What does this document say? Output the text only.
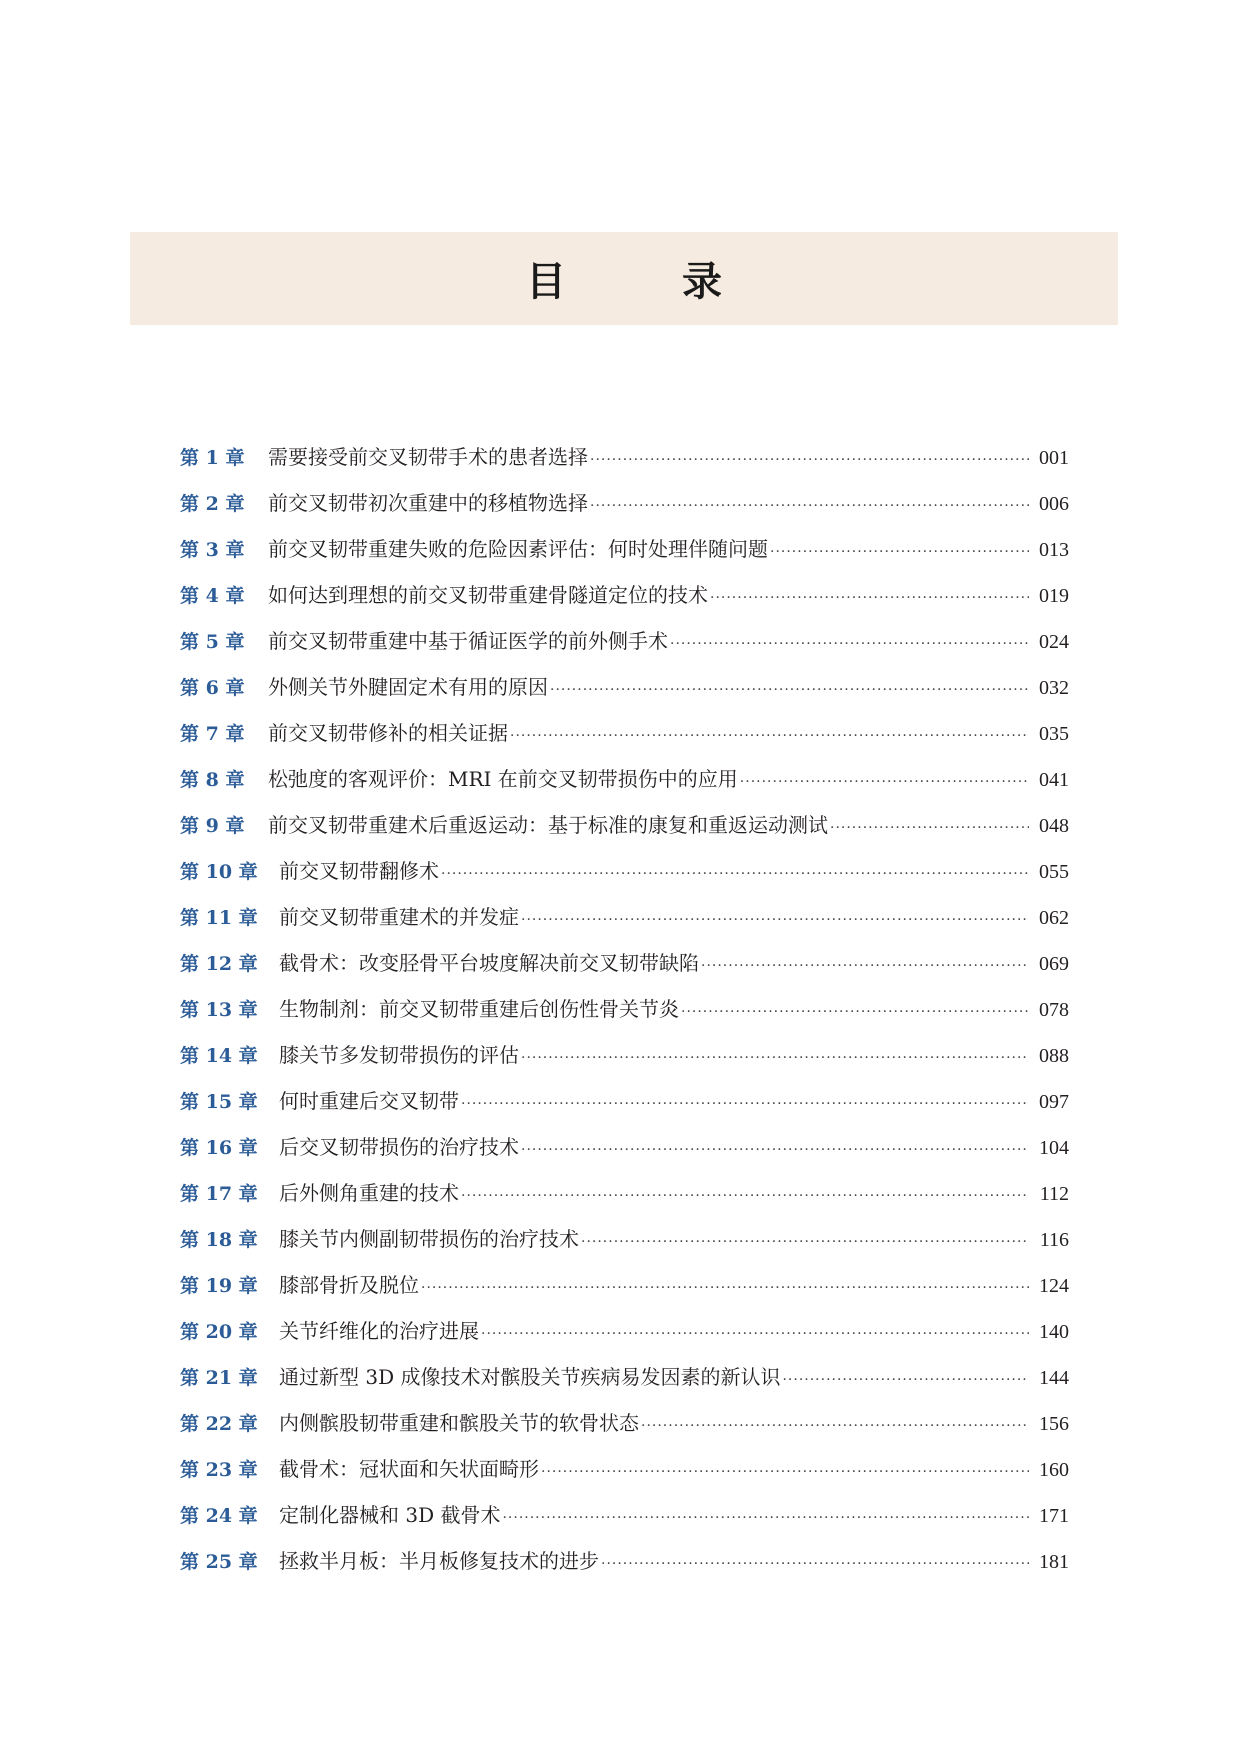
目　录
第 1 章	需要接受前交叉韧带手术的患者选择 ·····	001
第 2 章	前交叉韧带初次重建中的移植物选择 ·····	006
第 3 章	前交叉韧带重建失败的危险因素评估：何时处理伴随问题 ·····	013
第 4 章	如何达到理想的前交叉韧带重建骨隧道定位的技术 ·····	019
第 5 章	前交叉韧带重建中基于循证医学的前外侧手术 ·····	024
第 6 章	外侧关节外腱固定术有用的原因 ·····	032
第 7 章	前交叉韧带修补的相关证据 ·····	035
第 8 章	松弛度的客观评价：MRI 在前交叉韧带损伤中的应用 ·····	041
第 9 章	前交叉韧带重建术后重返运动：基于标准的康复和重返运动测试 ·····	048
第 10 章	前交叉韧带翻修术 ·····	055
第 11 章	前交叉韧带重建术的并发症 ·····	062
第 12 章	截骨术：改变胫骨平台坡度解决前交叉韧带缺陷 ·····	069
第 13 章	生物制剂：前交叉韧带重建后创伤性骨关节炎 ·····	078
第 14 章	膝关节多发韧带损伤的评估 ·····	088
第 15 章	何时重建后交叉韧带 ·····	097
第 16 章	后交叉韧带损伤的治疗技术 ·····	104
第 17 章	后外侧角重建的技术 ·····	112
第 18 章	膝关节内侧副韧带损伤的治疗技术 ·····	116
第 19 章	膝部骨折及脱位 ·····	124
第 20 章	关节纤维化的治疗进展 ·····	140
第 21 章	通过新型 3D 成像技术对髌股关节疾病易发因素的新认识 ·····	144
第 22 章	内侧髌股韧带重建和髌股关节的软骨状态 ·····	156
第 23 章	截骨术：冠状面和矢状面畸形 ·····	160
第 24 章	定制化器械和 3D 截骨术 ·····	171
第 25 章	拯救半月板：半月板修复技术的进步 ·····	181
